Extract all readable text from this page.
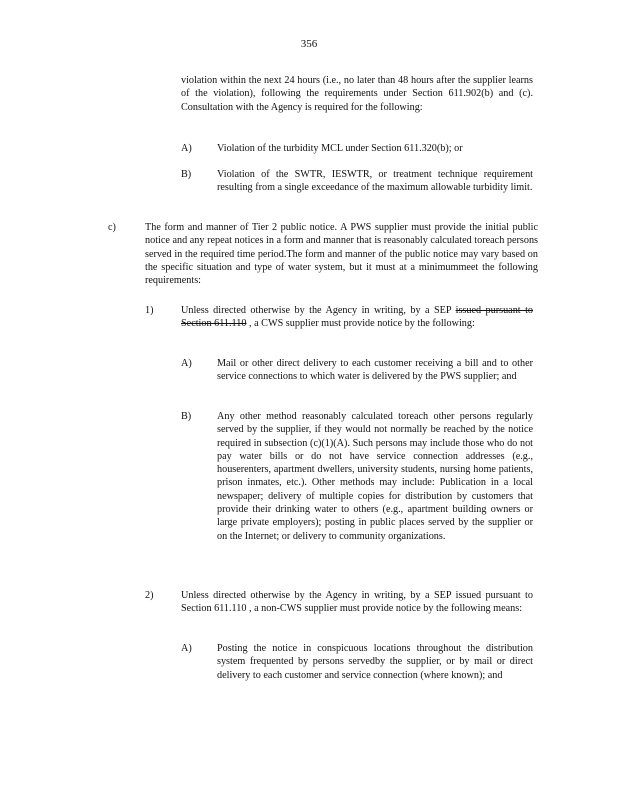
356
violation within the next 24 hours (i.e., no later than 48 hours after the supplier learns of the violation), following the requirements under Section 611.902(b) and (c). Consultation with the Agency is required for the following:
A) Violation of the turbidity MCL under Section 611.320(b); or
B)	Violation of the SWTR, IESWTR, or treatment technique requirement resulting from a single exceedance of the maximum allowable turbidity limit.
c)	The form and manner of Tier 2 public notice. A PWS supplier must provide the initial public notice and any repeat notices in a form and manner that is reasonably calculated toreach persons served in the required time period.The form and manner of the public notice may vary based on the specific situation and type of water system, but it must at a minimummeet the following requirements:
1)	Unless directed otherwise by the Agency in writing, by a SEP issued pursuant to Section 611.110 , a CWS supplier must provide notice by the following:
A) Mail or other direct delivery to each customer receiving a bill and to other service connections to which water is delivered by the PWS supplier; and
B)	Any other method reasonably calculated toreach other persons regularly served by the supplier, if they would not normally be reached by the notice required in subsection (c)(1)(A). Such persons may include those who do not pay water bills or do not have service connection addresses (e.g., houserenters, apartment dwellers, university students, nursing home patients, prison inmates, etc.). Other methods may include: Publication in a local newspaper; delivery of multiple copies for distribution by customers that provide their drinking water to others (e.g., apartment building owners or large private employers); posting in public places served by the supplier or on the Internet; or delivery to community organizations.
2)	Unless directed otherwise by the Agency in writing, by a SEP issued pursuant to Section 611.110 , a non-CWS supplier must provide notice by the following means:
A) Posting the notice in conspicuous locations throughout the distribution system frequented by persons servedby the supplier, or by mail or direct delivery to each customer and service connection (where known); and
